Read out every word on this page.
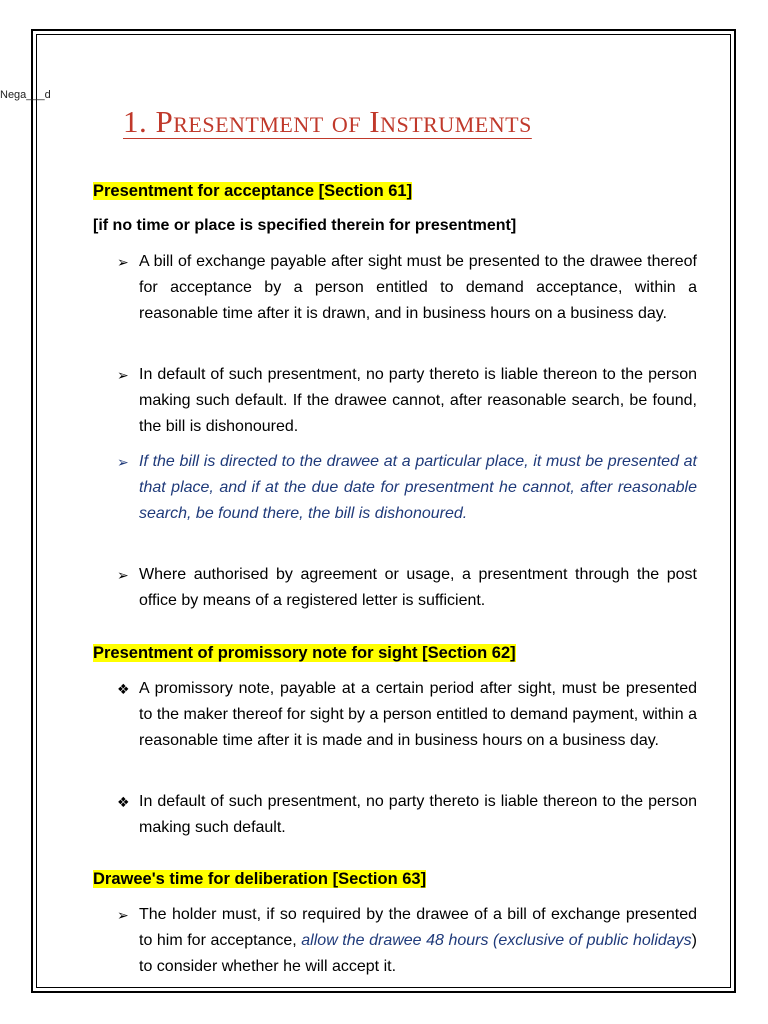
Nega___d
1. Presentment of Instruments
Presentment for acceptance [Section 61]

[if no time or place is specified therein for presentment]

➢ A bill of exchange payable after sight must be presented to the drawee thereof for acceptance by a person entitled to demand acceptance, within a reasonable time after it is drawn, and in business hours on a business day.
➢ In default of such presentment, no party thereto is liable thereon to the person making such default. If the drawee cannot, after reasonable search, be found, the bill is dishonoured.
➢ If the bill is directed to the drawee at a particular place, it must be presented at that place, and if at the due date for presentment he cannot, after reasonable search, be found there, the bill is dishonoured.
➢ Where authorised by agreement or usage, a presentment through the post office by means of a registered letter is sufficient.
Presentment of promissory note for sight [Section 62]
❖ A promissory note, payable at a certain period after sight, must be presented to the maker thereof for sight by a person entitled to demand payment, within a reasonable time after it is made and in business hours on a business day.
❖ In default of such presentment, no party thereto is liable thereon to the person making such default.
Drawee's time for deliberation [Section 63]
➢ The holder must, if so required by the drawee of a bill of exchange presented to him for acceptance, allow the drawee 48 hours (exclusive of public holidays) to consider whether he will accept it.
